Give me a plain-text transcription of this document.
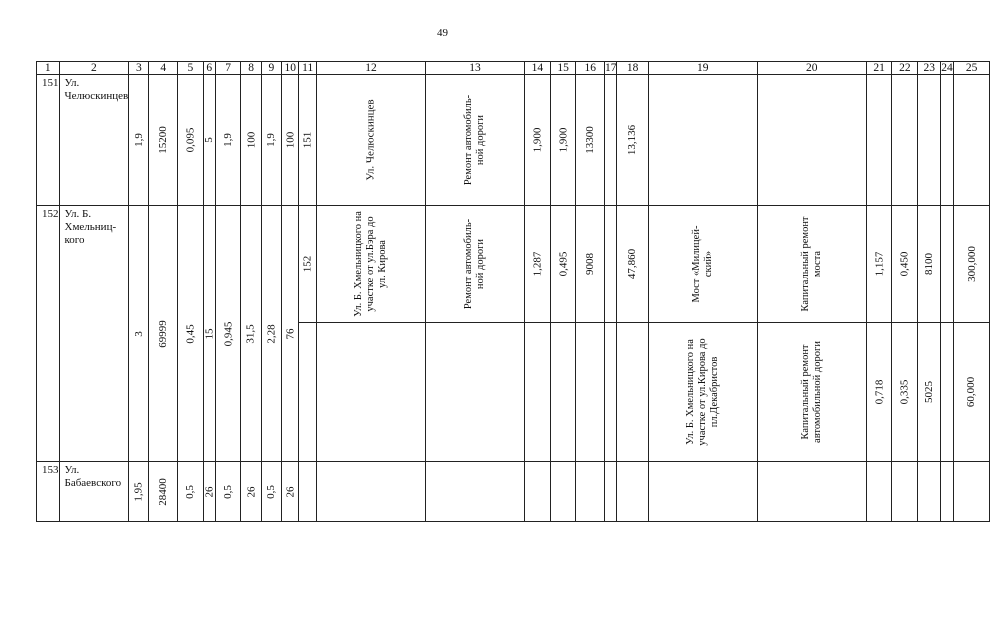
49
1	2	3	4	5	6	7	8	9	10	11	12	13	14	15	16	17	18	19	20	21	22	23	24	25
151	Ул. Челюскинцев	1,9	15200	0,095	5	1,9	100	1,9	100	151	Ул. Челюскинцев	Ремонт автомобиль-ной дороги	1,900	1,900	13300		13,136							
152	Ул. Б. Хмельниц-кого	3	69999	0,45	15	0,945	31,5	2,28	76	152	Ул. Б. Хмельницкого на участке от ул.Бэра до ул. Кирова	Ремонт автомобиль-ной дороги	1,287	0,495	9008		47,860	Мост «Милицей-ский»	Капитальный ремонт моста	1,157	0,450	8100		300,000
																		Ул. Б. Хмельницкого на участке от ул.Кирова до пл.Декабристов	Капитальный ремонт автомобильной дороги	0,718	0,335	5025		60,000
153	Ул. Бабаевского	1,95	28400	0,5	26	0,5	26	0,5	26															
